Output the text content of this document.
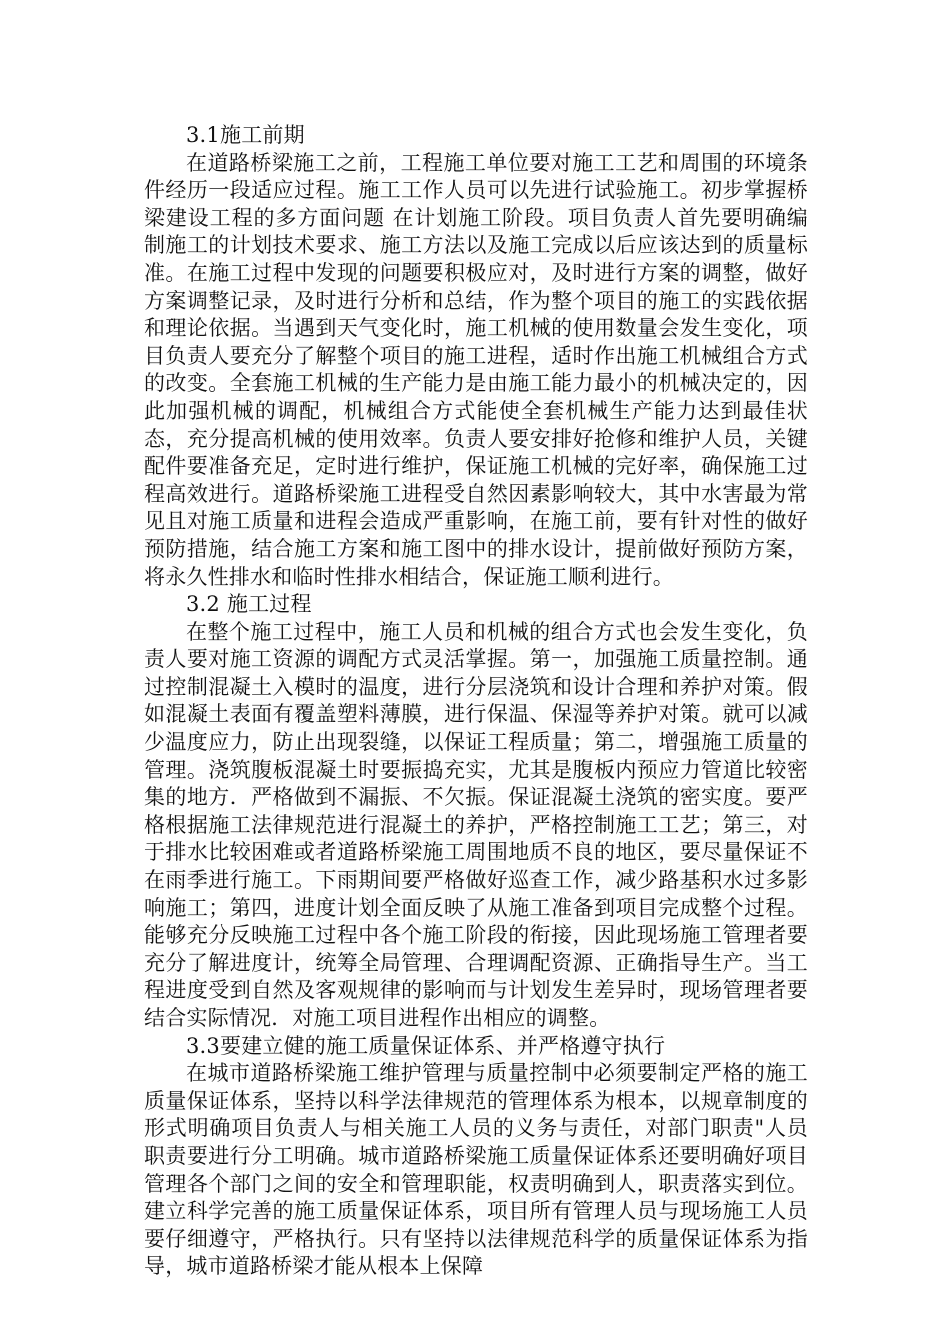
3.1施工前期

在道路桥梁施工之前，工程施工单位要对施工工艺和周围的环境条件经历一段适应过程。施工工作人员可以先进行试验施工。初步掌握桥梁建设工程的多方面问题 在计划施工阶段。项目负责人首先要明确编制施工的计划技术要求、施工方法以及施工完成以后应该达到的质量标准。在施工过程中发现的问题要积极应对，及时进行方案的调整，做好方案调整记录，及时进行分析和总结，作为整个项目的施工的实践依据和理论依据。当遇到天气变化时，施工机械的使用数量会发生变化，项目负责人要充分了解整个项目的施工进程，适时作出施工机械组合方式的改变。全套施工机械的生产能力是由施工能力最小的机械决定的，因此加强机械的调配，机械组合方式能使全套机械生产能力达到最佳状态，充分提高机械的使用效率。负责人要安排好抢修和维护人员，关键配件要准备充足，定时进行维护，保证施工机械的完好率，确保施工过程高效进行。道路桥梁施工进程受自然因素影响较大，其中水害最为常见且对施工质量和进程会造成严重影响，在施工前，要有针对性的做好预防措施，结合施工方案和施工图中的排水设计，提前做好预防方案，将永久性排水和临时性排水相结合，保证施工顺利进行。

3.2 施工过程

在整个施工过程中，施工人员和机械的组合方式也会发生变化，负责人要对施工资源的调配方式灵活掌握。第一，加强施工质量控制。通过控制混凝土入模时的温度，进行分层浇筑和设计合理和养护对策。假如混凝土表面有覆盖塑料薄膜，进行保温、保湿等养护对策。就可以减少温度应力，防止出现裂缝，以保证工程质量；第二，增强施工质量的管理。浇筑腹板混凝土时要振捣充实，尤其是腹板内预应力管道比较密集的地方．严格做到不漏振、不欠振。保证混凝土浇筑的密实度。要严格根据施工法律规范进行混凝土的养护，严格控制施工工艺；第三，对于排水比较困难或者道路桥梁施工周围地质不良的地区，要尽量保证不在雨季进行施工。下雨期间要严格做好巡查工作，减少路基积水过多影响施工；第四，进度计划全面反映了从施工准备到项目完成整个过程。能够充分反映施工过程中各个施工阶段的衔接，因此现场施工管理者要充分了解进度计，统筹全局管理、合理调配资源、正确指导生产。当工程进度受到自然及客观规律的影响而与计划发生差异时，现场管理者要结合实际情况．对施工项目进程作出相应的调整。

3.3要建立健的施工质量保证体系、并严格遵守执行

在城市道路桥梁施工维护管理与质量控制中必须要制定严格的施工质量保证体系，坚持以科学法律规范的管理体系为根本，以规章制度的形式明确项目负责人与相关施工人员的义务与责任，对部门职责"人员职责要进行分工明确。城市道路桥梁施工质量保证体系还要明确好项目管理各个部门之间的安全和管理职能，权责明确到人，职责落实到位。建立科学完善的施工质量保证体系，项目所有管理人员与现场施工人员要仔细遵守，严格执行。只有坚持以法律规范科学的质量保证体系为指导，城市道路桥梁才能从根本上保障
